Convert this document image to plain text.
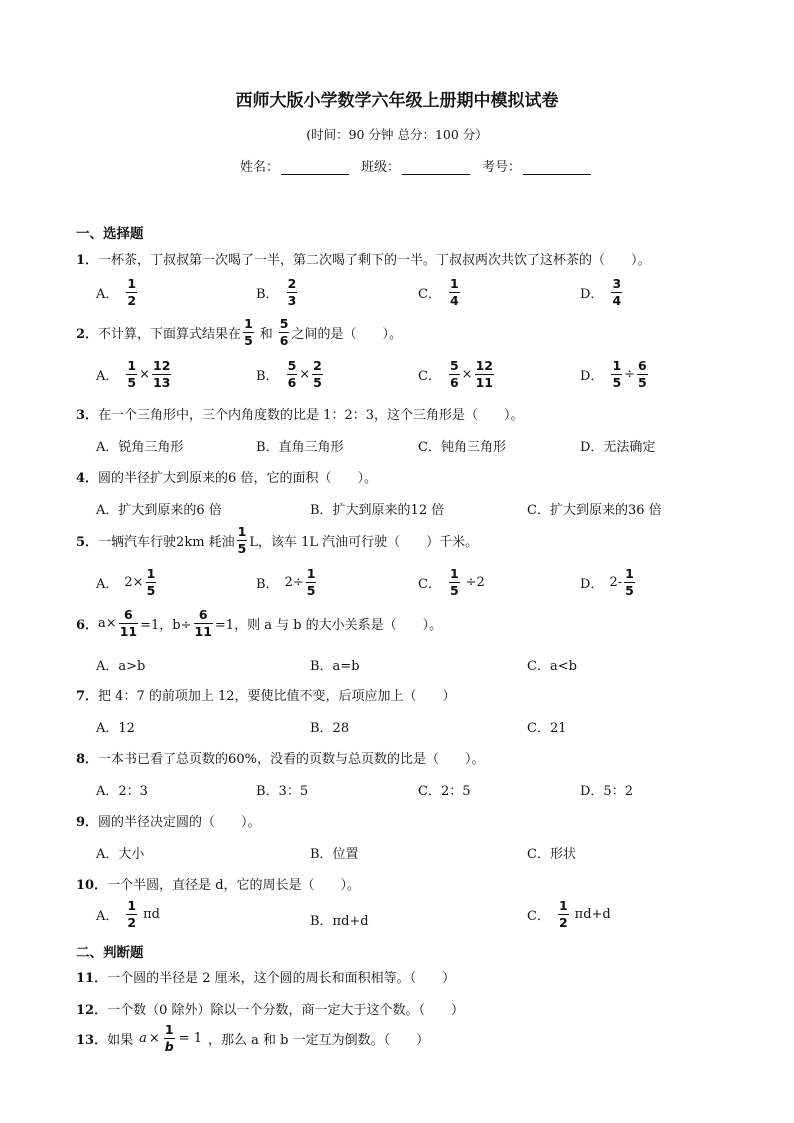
西师大版小学数学六年级上册期中模拟试卷
(时间：90 分钟 总分：100 分）
姓名：	班级：	考号：
一、选择题
1．一杯茶，丁叔叔第一次喝了一半，第二次喝了剩下的一半。丁叔叔两次共饮了这杯茶的（　　）。
A． $\frac{1}{2}$	B． $\frac{2}{3}$	C． $\frac{1}{4}$	D． $\frac{3}{4}$
2． 不计算，下面算式结果在 $\frac{1}{5}$ 和 $\frac{5}{6}$ 之间的是（　　）。
A． $\frac{1}{5} \times \frac{12}{13}$	B． $\frac{5}{6} \times \frac{2}{5}$	C． $\frac{5}{6} \times \frac{12}{11}$	D． $\frac{1}{5} \div \frac{6}{5}$
3．在一个三角形中，三个内角度数的比是 1：2：3，这个三角形是（　　）。
A．锐角三角形	B．直角三角形	C．钝角三角形	D．无法确定
4．圆的半径扩大到原来的6 倍，它的面积（　　）。
A．扩大到原来的6 倍	B．扩大到原来的12 倍	C．扩大到原来的36 倍
5． 一辆汽车行驶2km 耗油 $\frac{1}{5}$ L，该车 1L 汽油可行驶（　　）千米。
A． $2\times \frac{1}{5}$	B． $2\div \frac{1}{5}$	C． $\frac{1}{5} \div 2$	D． $2- \frac{1}{5}$
6． $a\times \frac{6}{11} =1$，$b\div \frac{6}{11} =1$，则 a 与 b 的大小关系是（　　）。
A．a>b	B．a=b	C．a<b
7．把 4：7 的前项加上 12，要使比值不变，后项应加上（　　）
A．12	B．28	C．21
8．一本书已看了总页数的60%，没看的页数与总页数的比是（　　）。
A．2：3	B．3：5	C．2：5	D．5：2
9．圆的半径决定圆的（　　）。
A．大小	B．位置	C．形状
10．一个半圆，直径是 d，它的周长是（　　）。
A． $\frac{1}{2}$ πd	B．πd+d	C． $\frac{1}{2} \pi d+d$
二、判断题
11．一个圆的半径是 2 厘米，这个圆的周长和面积相等。（　　）
12．一个数（0 除外）除以一个分数，商一定大于这个数。（　　）
13． 如果 $a \times \frac{1}{b} = 1$ ，那么 a 和 b 一定互为倒数。（　　）
